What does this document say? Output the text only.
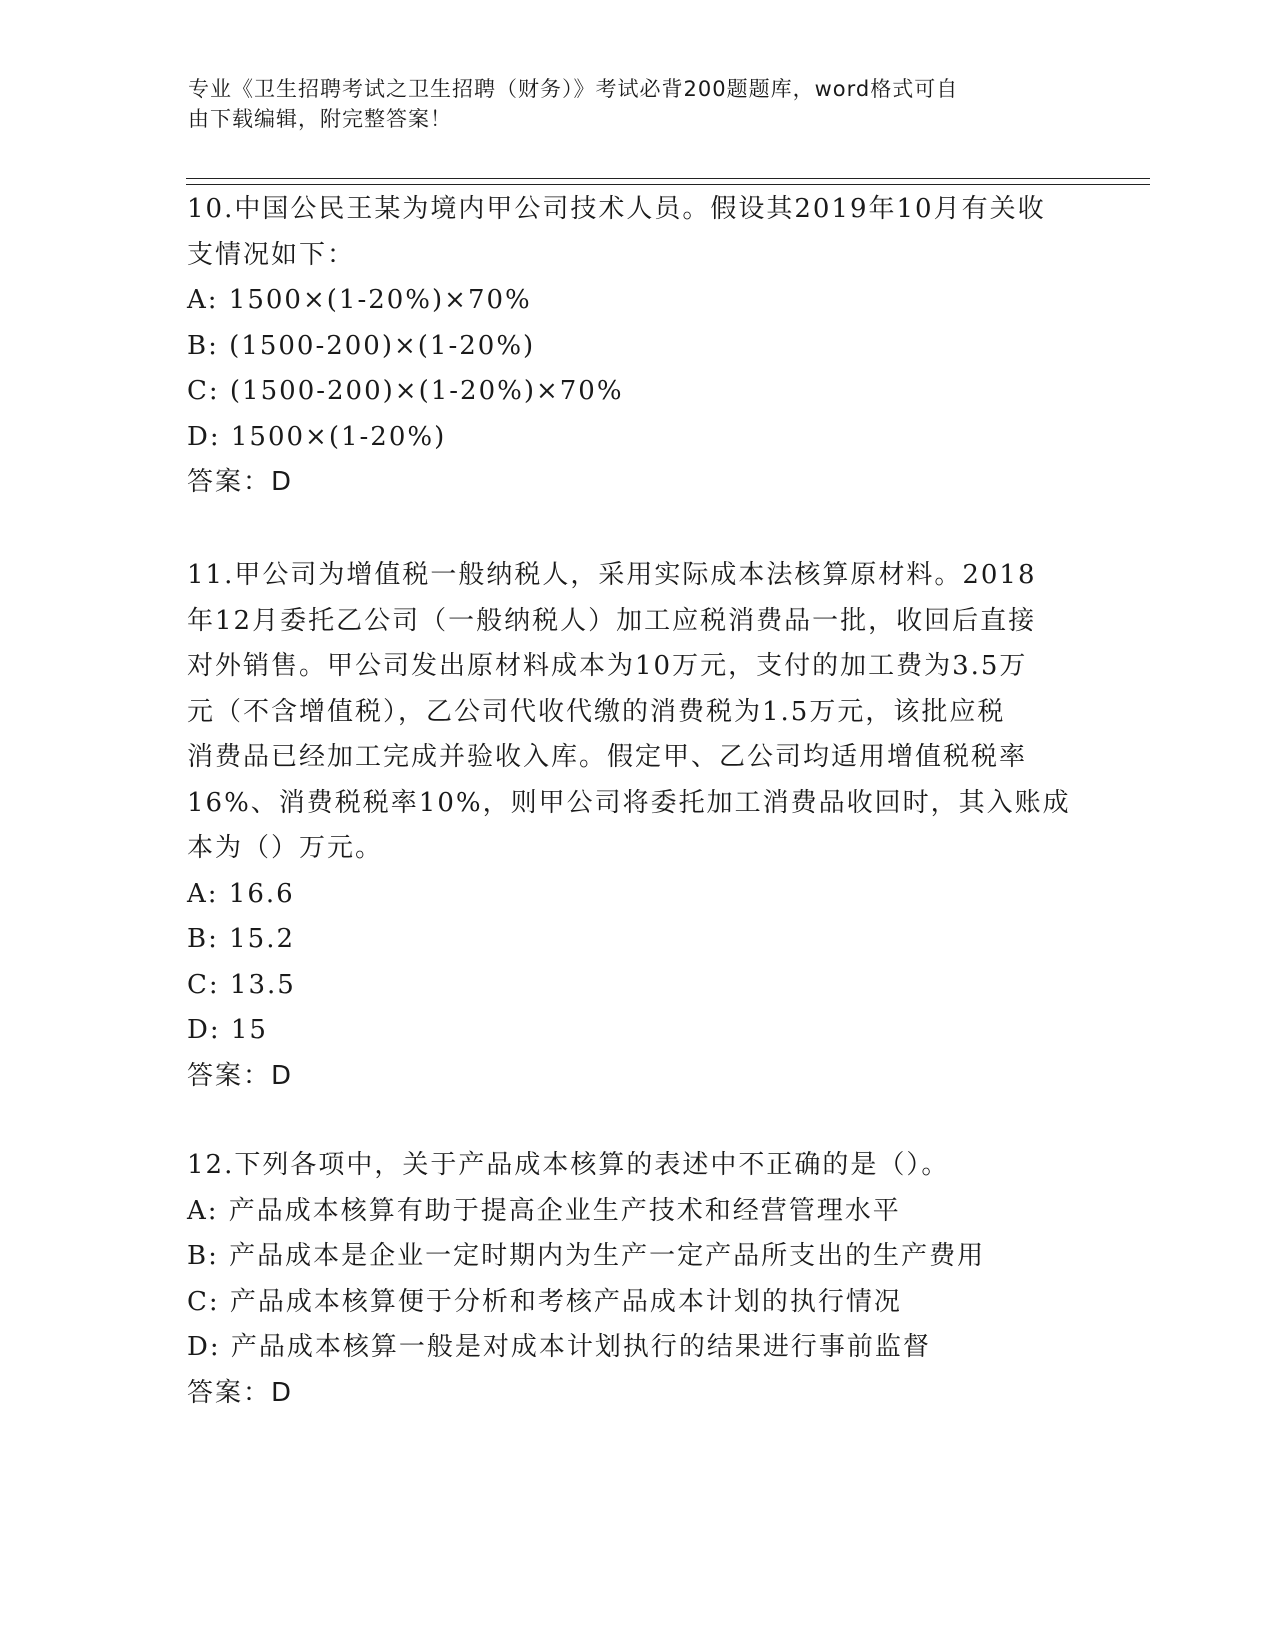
专业《卫生招聘考试之卫生招聘（财务）》考试必背200题题库，word格式可自
由下载编辑，附完整答案！

10.中国公民王某为境内甲公司技术人员。假设其2019年10月有关收

支情况如下：

A: 1500×(1-20%)×70%

B: (1500-200)×(1-20%)

C: (1500-200)×(1-20%)×70%

D: 1500×(1-20%)

答案：D

11.甲公司为增值税一般纳税人，采用实际成本法核算原材料。2018

年12月委托乙公司（一般纳税人）加工应税消费品一批，收回后直接

对外销售。甲公司发出原材料成本为10万元，支付的加工费为3.5万

元（不含增值税），乙公司代收代缴的消费税为1.5万元，该批应税

消费品已经加工完成并验收入库。假定甲、乙公司均适用增值税税率

16%、消费税税率10%，则甲公司将委托加工消费品收回时，其入账成

本为（）万元。

A: 16.6

B: 15.2

C: 13.5

D: 15

答案：D

12.下列各项中，关于产品成本核算的表述中不正确的是（）。

A: 产品成本核算有助于提高企业生产技术和经营管理水平

B: 产品成本是企业一定时期内为生产一定产品所支出的生产费用

C: 产品成本核算便于分析和考核产品成本计划的执行情况

D: 产品成本核算一般是对成本计划执行的结果进行事前监督

答案：D
